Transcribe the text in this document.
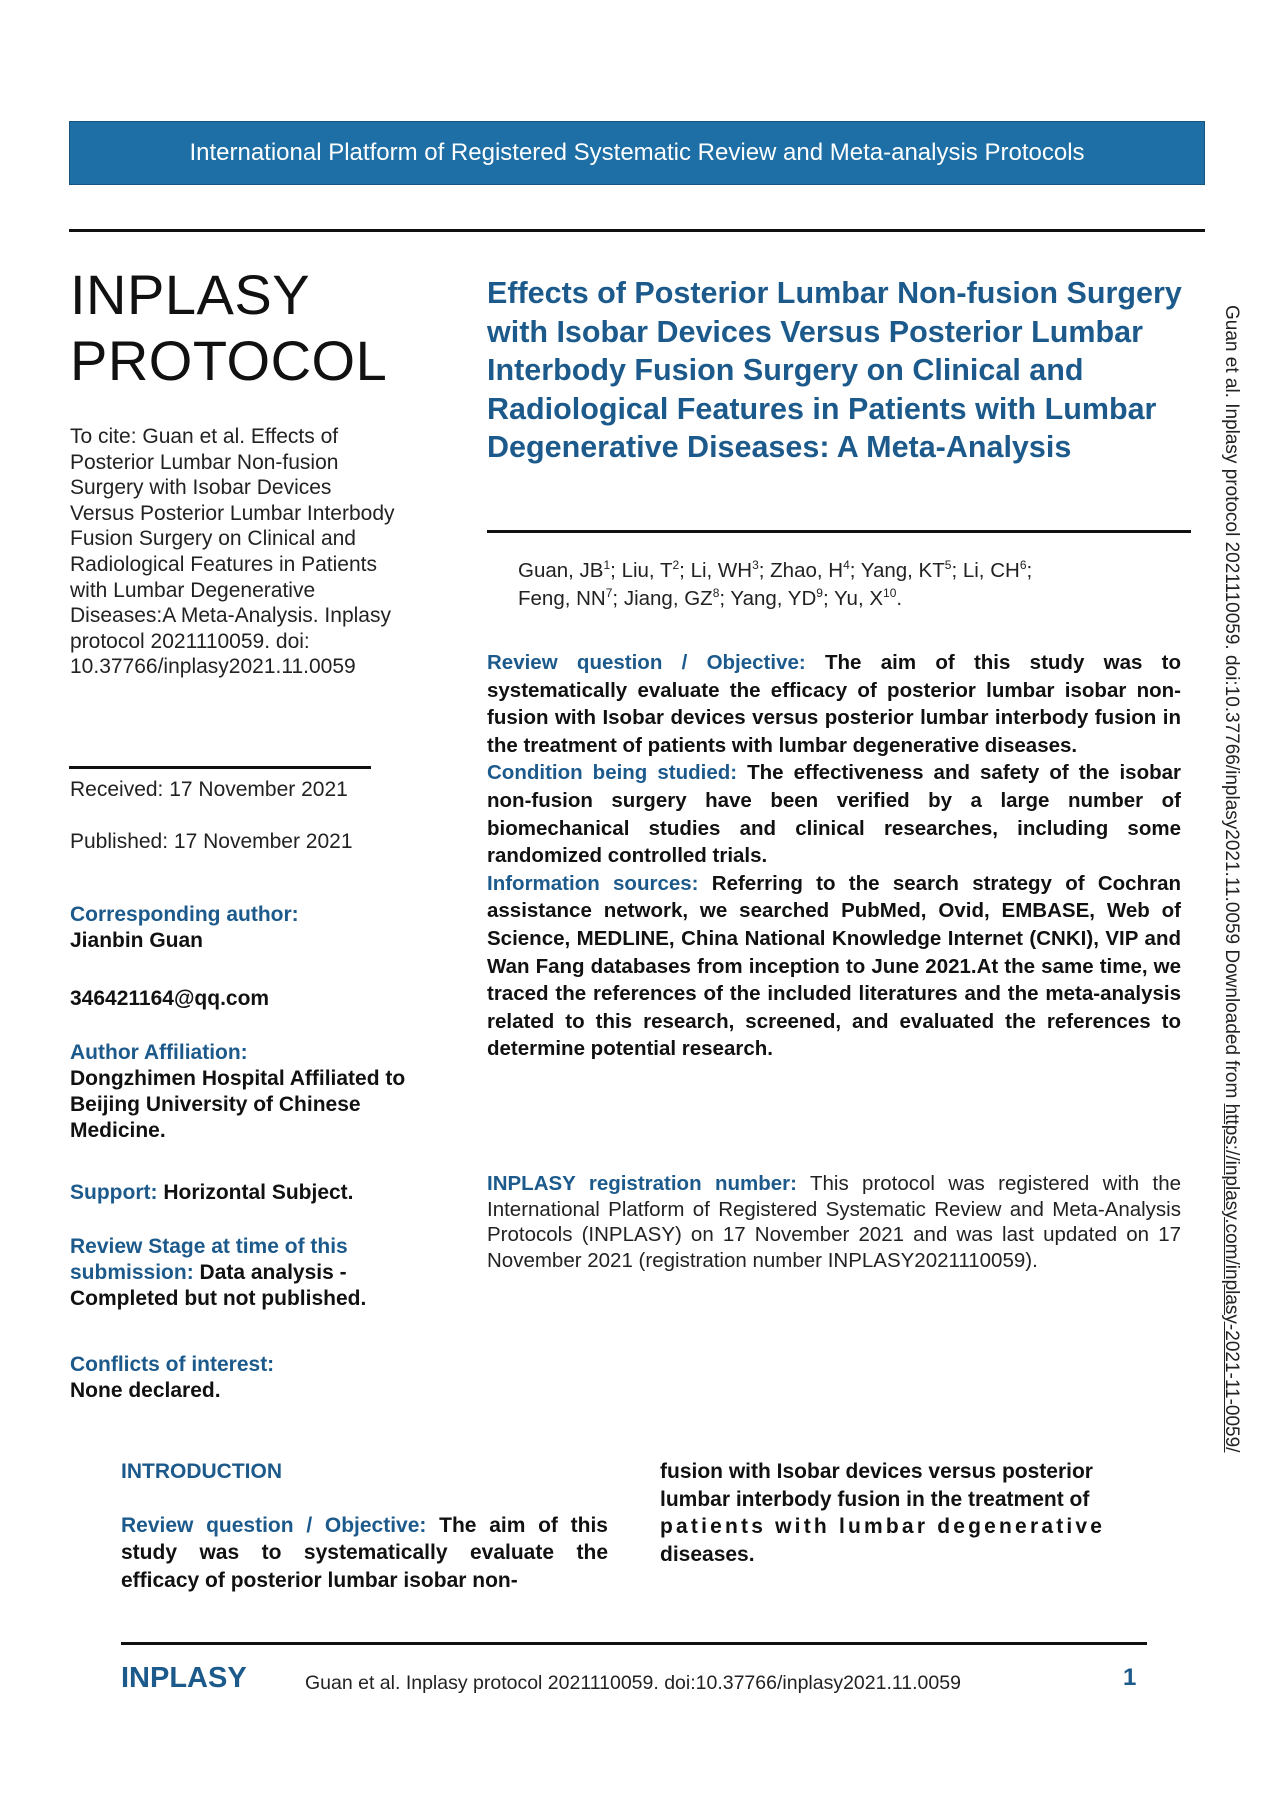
International Platform of Registered Systematic Review and Meta-analysis Protocols
INPLASY
PROTOCOL
To cite: Guan et al. Effects of Posterior Lumbar Non-fusion Surgery with Isobar Devices Versus Posterior Lumbar Interbody Fusion Surgery on Clinical and Radiological Features in Patients with Lumbar Degenerative Diseases:A Meta-Analysis. Inplasy protocol 2021110059. doi: 10.37766/inplasy2021.11.0059
Received: 17 November 2021
Published: 17 November 2021
Corresponding author:
Jianbin Guan
346421164@qq.com
Author Affiliation:
Dongzhimen Hospital Affiliated to Beijing University of Chinese Medicine.
Support: Horizontal Subject.
Review Stage at time of this submission: Data analysis - Completed but not published.
Conflicts of interest:
None declared.
Effects of Posterior Lumbar Non-fusion Surgery with Isobar Devices Versus Posterior Lumbar Interbody Fusion Surgery on Clinical and Radiological Features in Patients with Lumbar Degenerative Diseases: A Meta-Analysis
Guan, $JB^1$; Liu, $T^2$; Li, $WH^3$; Zhao, $H^4$; Yang, $KT^5$; Li, $CH^6$;
Feng, $NN^7$; Jiang, $GZ^8$; Yang, $YD^9$; Yu, $X^{10}$.

Review question / Objective: The aim of this study was to systematically evaluate the efficacy of posterior lumbar isobar non-fusion with Isobar devices versus posterior lumbar interbody fusion in the treatment of patients with lumbar degenerative diseases.

Condition being studied: The effectiveness and safety of the isobar non-fusion surgery have been verified by a large number of biomechanical studies and clinical researches, including some randomized controlled trials.

Information sources: Referring to the search strategy of Cochran assistance network, we searched PubMed, Ovid, EMBASE, Web of Science, MEDLINE, China National Knowledge Internet (CNKI), VIP and Wan Fang databases from inception to June 2021.At the same time, we traced the references of the included literatures and the meta-analysis related to this research, screened, and evaluated the references to determine potential research.

INPLASY registration number: This protocol was registered with the International Platform of Registered Systematic Review and Meta-Analysis Protocols (INPLASY) on 17 November 2021 and was last updated on 17 November 2021 (registration number INPLASY2021110059).
INTRODUCTION
Review question / Objective: The aim of this study was to systematically evaluate the efficacy of posterior lumbar isobar non-
fusion with Isobar devices versus posterior lumbar interbody fusion in the treatment of
patients with lumbar degenerative
diseases.
INPLASY	Guan et al. Inplasy protocol 2021110059. doi:10.37766/inplasy2021.11.0059	1
Guan et al. Inplasy protocol 2021110059. doi:10.37766/inplasy2021.11.0059 Downloaded from https://inplasy.com/inplasy-2021-11-0059/
